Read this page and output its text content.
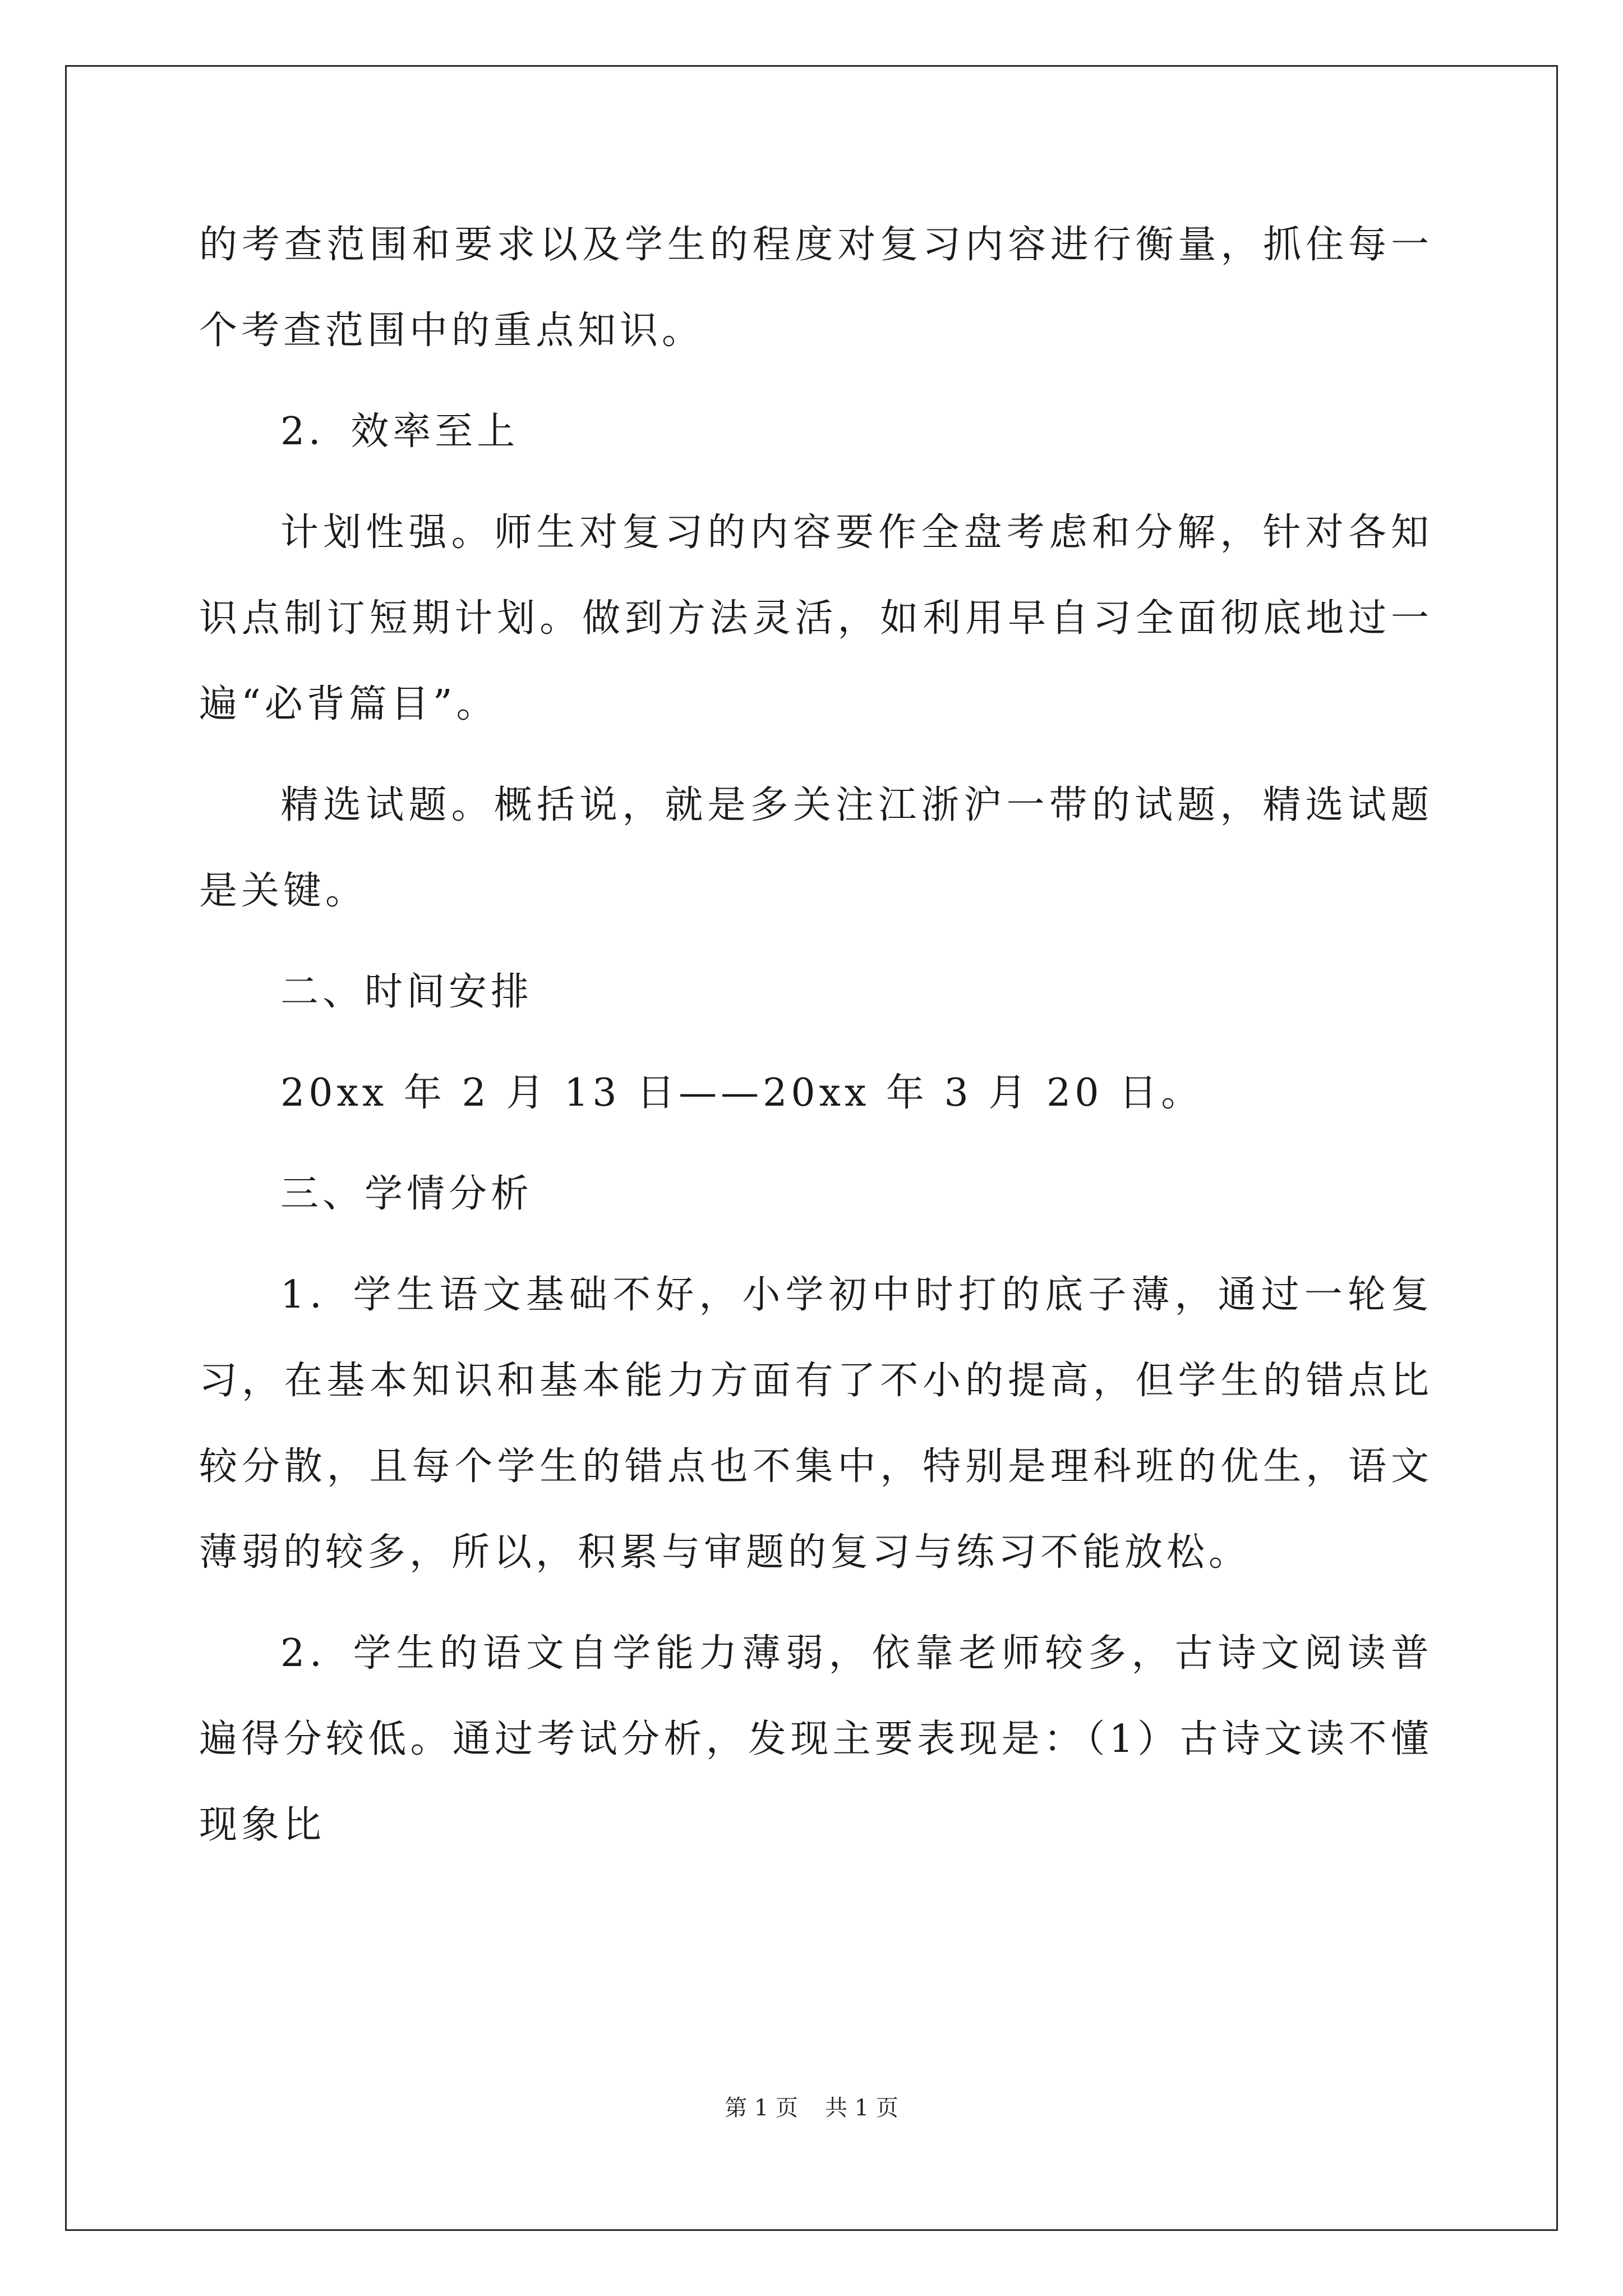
的考查范围和要求以及学生的程度对复习内容进行衡量，抓住每一个考查范围中的重点知识。

2．效率至上

计划性强。师生对复习的内容要作全盘考虑和分解，针对各知识点制订短期计划。做到方法灵活，如利用早自习全面彻底地过一遍“必背篇目”。

精选试题。概括说，就是多关注江浙沪一带的试题，精选试题是关键。

二、时间安排

20xx 年 2 月 13 日——20xx 年 3 月 20 日。

三、学情分析

1．学生语文基础不好，小学初中时打的底子薄，通过一轮复习，在基本知识和基本能力方面有了不小的提高，但学生的错点比较分散，且每个学生的错点也不集中，特别是理科班的优生，语文薄弱的较多，所以，积累与审题的复习与练习不能放松。

2．学生的语文自学能力薄弱，依靠老师较多，古诗文阅读普遍得分较低。通过考试分析，发现主要表现是：（1）古诗文读不懂现象比

第 1 页 共 1 页
